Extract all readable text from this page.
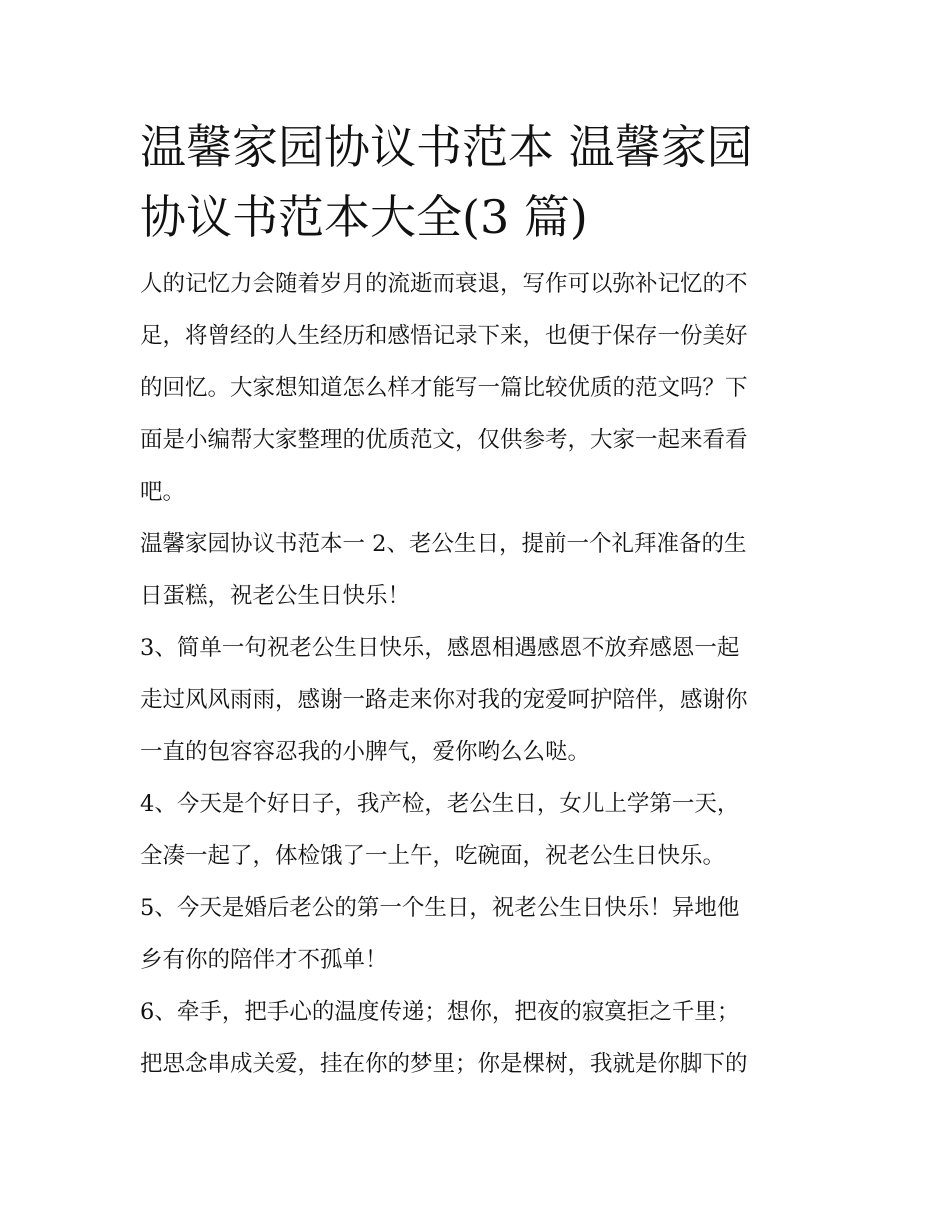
温馨家园协议书范本 温馨家园
协议书范本大全(3 篇)

人的记忆力会随着岁月的流逝而衰退，写作可以弥补记忆的不
足，将曾经的人生经历和感悟记录下来，也便于保存一份美好
的回忆。大家想知道怎么样才能写一篇比较优质的范文吗？下
面是小编帮大家整理的优质范文，仅供参考，大家一起来看看
吧。

温馨家园协议书范本一 2、老公生日，提前一个礼拜准备的生
日蛋糕，祝老公生日快乐！

3、简单一句祝老公生日快乐，感恩相遇感恩不放弃感恩一起
走过风风雨雨，感谢一路走来你对我的宠爱呵护陪伴，感谢你
一直的包容容忍我的小脾气，爱你哟么么哒。

4、今天是个好日子，我产检，老公生日，女儿上学第一天，
全凑一起了，体检饿了一上午，吃碗面，祝老公生日快乐。

5、今天是婚后老公的第一个生日，祝老公生日快乐！异地他
乡有你的陪伴才不孤单！

6、牵手，把手心的温度传递；想你，把夜的寂寞拒之千里；
把思念串成关爱，挂在你的梦里；你是棵树，我就是你脚下的
